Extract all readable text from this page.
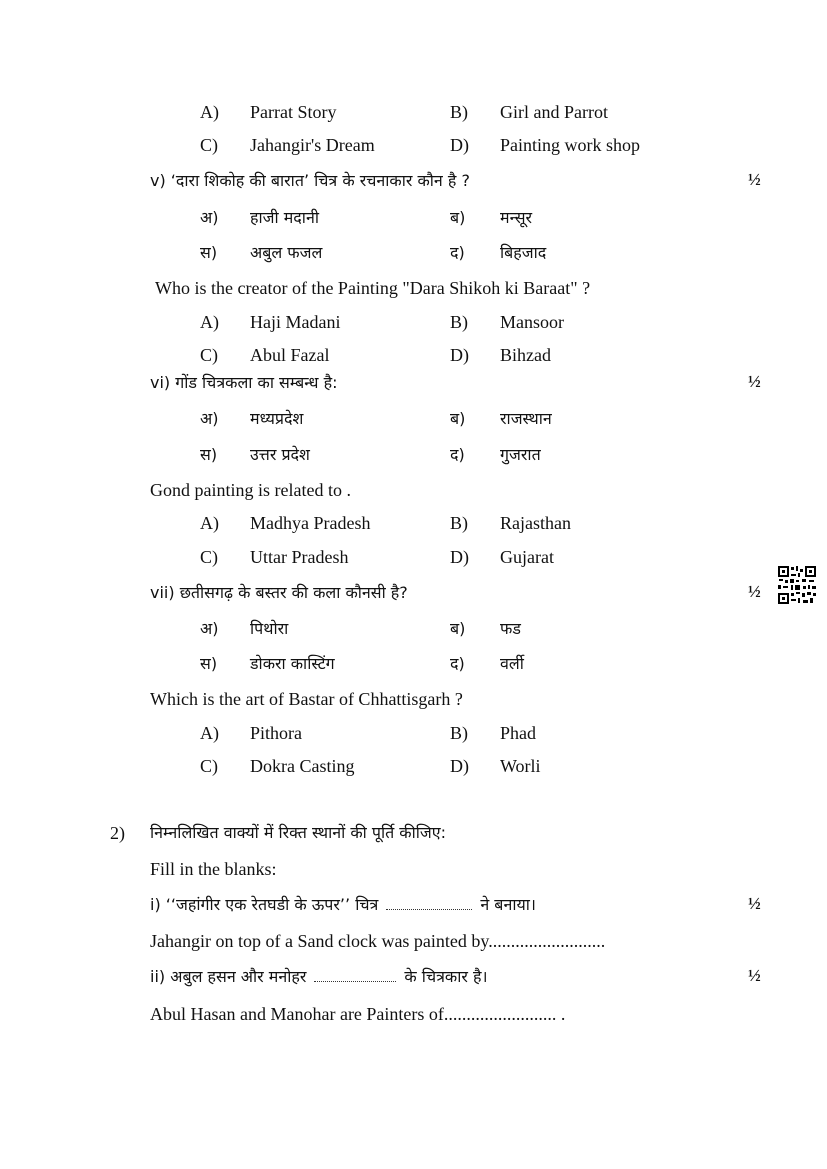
A) Parrat Story	B) Girl and Parrot
C) Jahangir's Dream	D) Painting work shop
v) ‘दारा शिकोह की बारात’ चित्र के रचनाकार कौन है ?	½
अ) हाजी मदानी	ब) मन्सूर
स) अबुल फजल	द) बिहजाद
Who is the creator of the Painting "Dara Shikoh ki Baraat" ?
A) Haji Madani	B) Mansoor
C) Abul Fazal	D) Bihzad
vi) गोंड चित्रकला का सम्बन्ध है:	½
अ) मध्यप्रदेश	ब) राजस्थान
स) उत्तर प्रदेश	द) गुजरात
Gond painting is related to .
A) Madhya Pradesh	B) Rajasthan
C) Uttar Pradesh	D) Gujarat
vii) छतीसगढ़ के बस्तर की कला कौनसी है?	½
अ) पिथोरा	ब) फड
स) डोकरा कास्टिंग	द) वर्ली
Which is the art of Bastar of Chhattisgarh ?
A) Pithora	B) Phad
C) Dokra Casting	D) Worli
2) निम्नलिखित वाक्यों में रिक्त स्थानों की पूर्ति कीजिए:
Fill in the blanks:
i) ‘‘जहांगीर एक रेतघडी के ऊपर’’ चित्र	ने बनाया।	½
Jahangir on top of a Sand clock was painted by..........................
ii) अबुल हसन और मनोहर	के चित्रकार है।	½
Abul Hasan and Manohar are Painters of......................... .
